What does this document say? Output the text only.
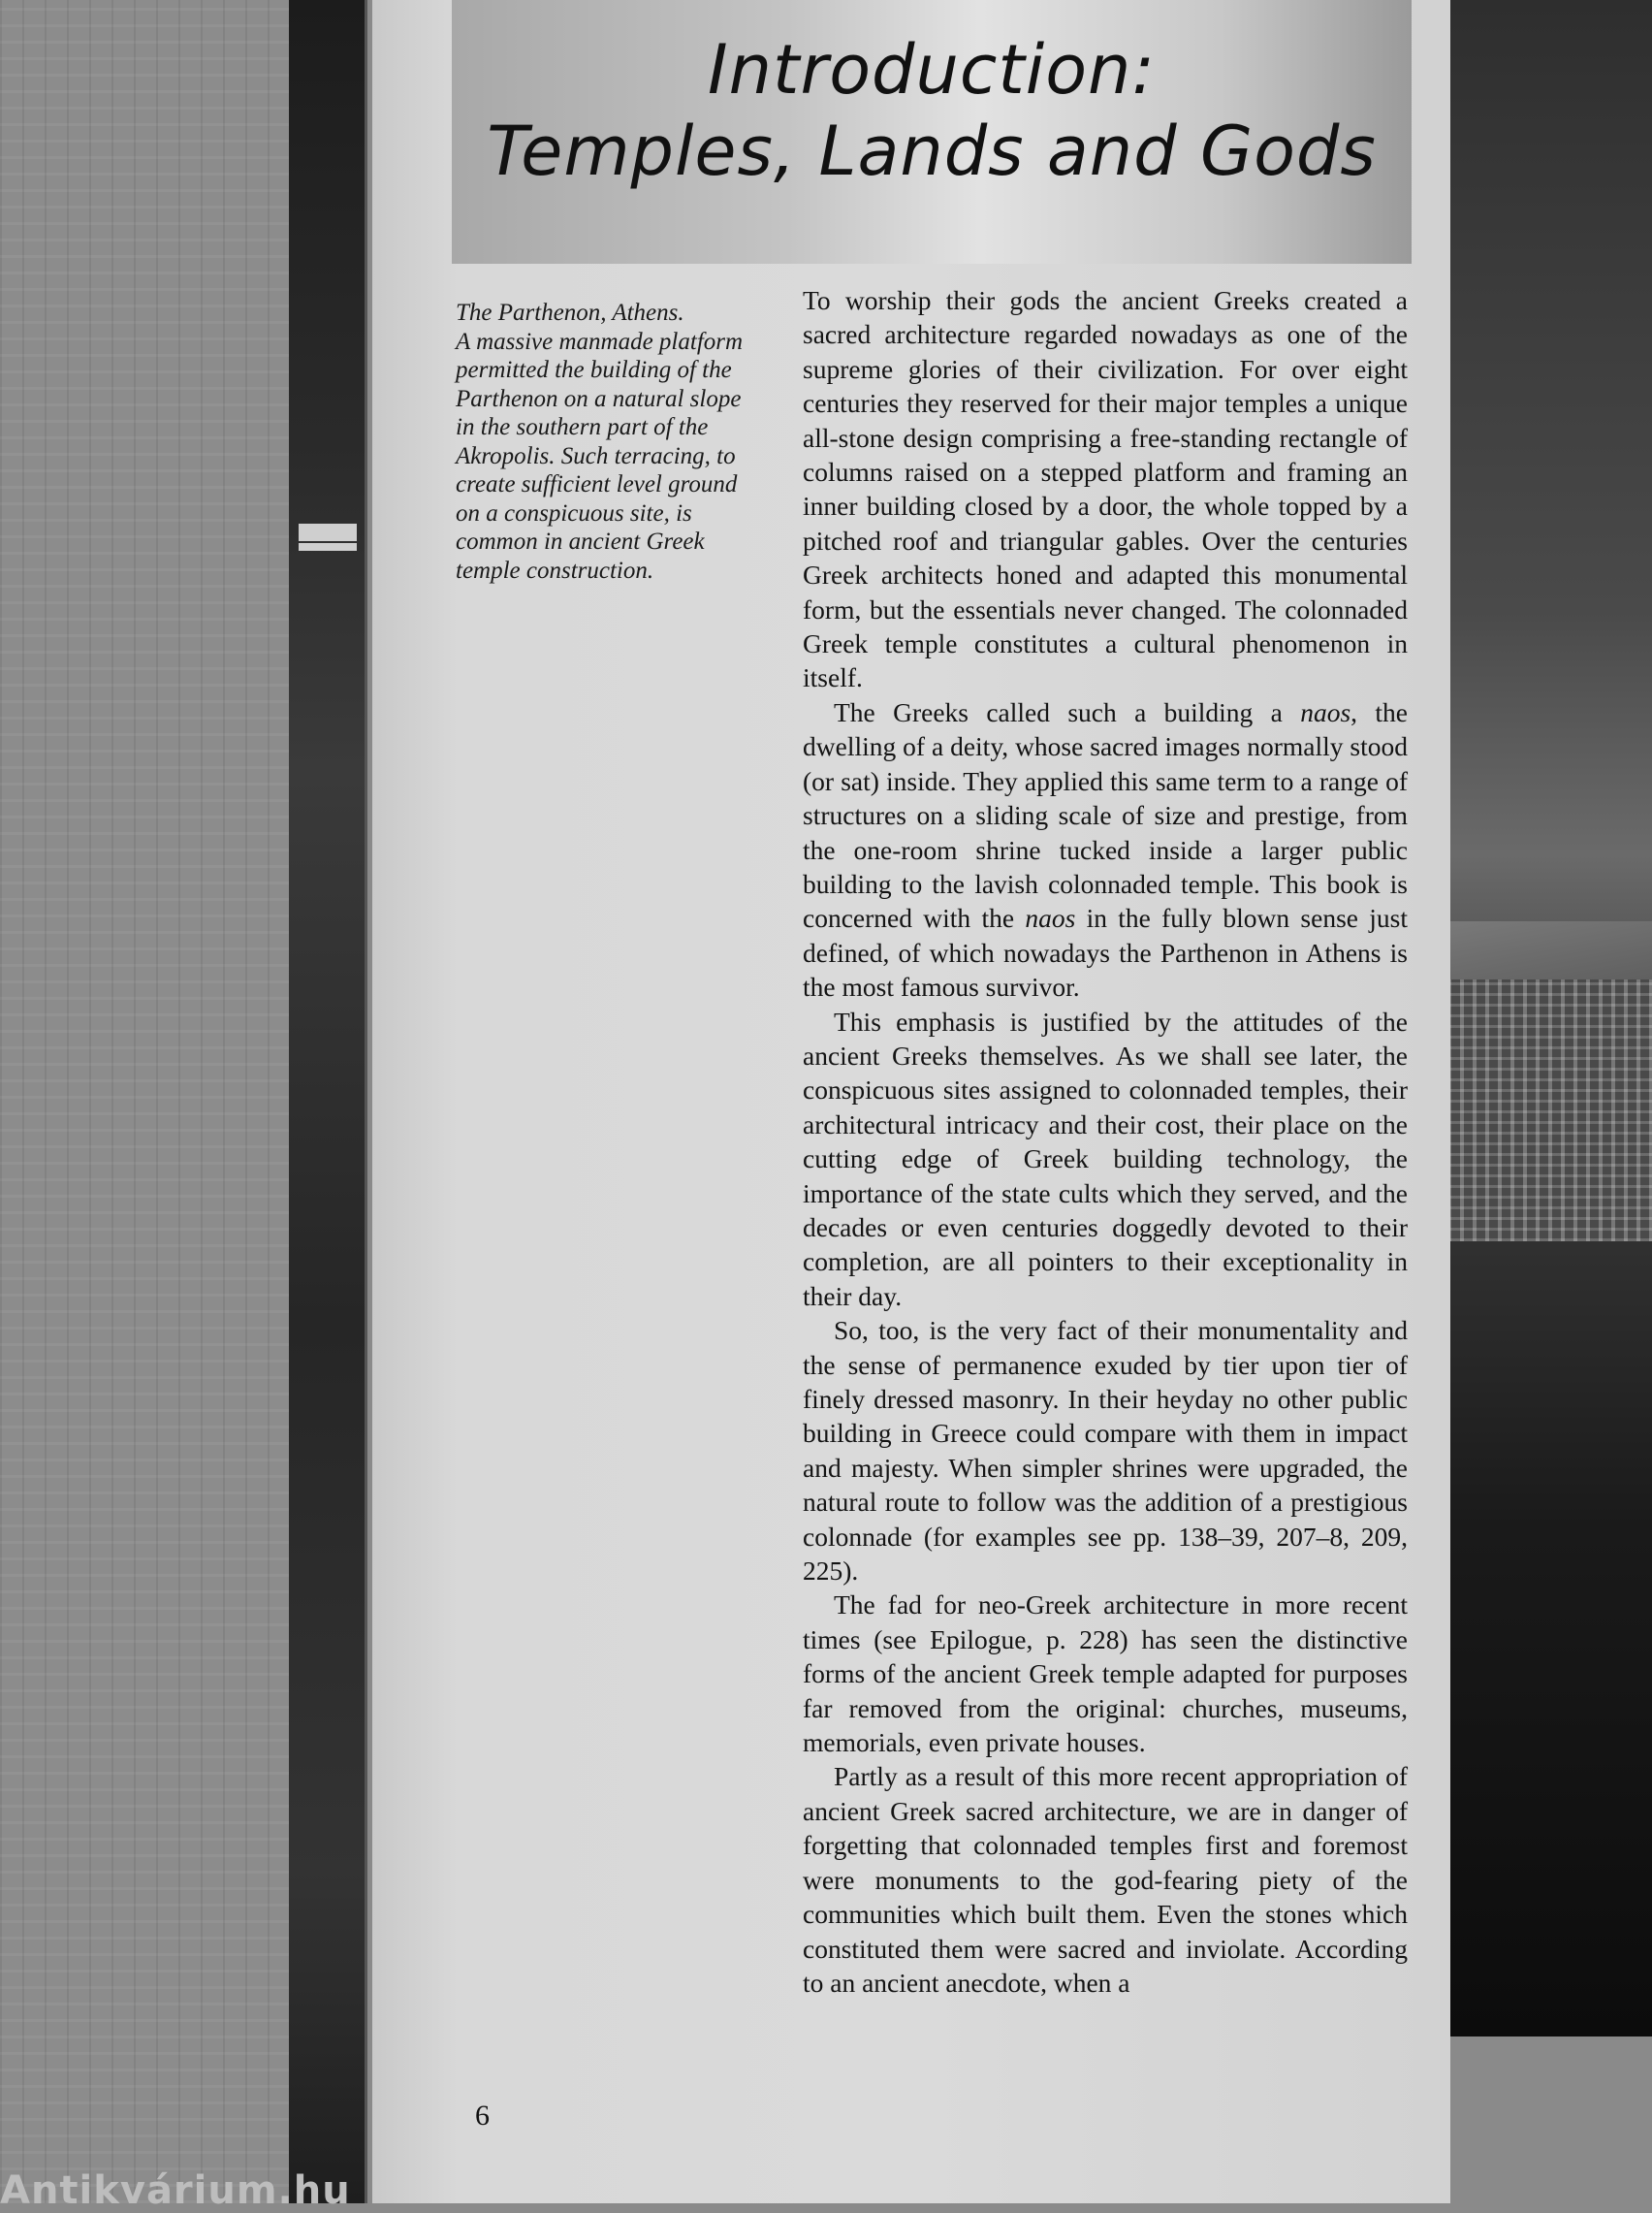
Introduction:
Temples, Lands and Gods

The Parthenon, Athens.

A massive manmade platform

permitted the building of the

Parthenon on a natural slope

in the southern part of the

Akropolis. Such terracing, to

create sufficient level ground

on a conspicuous site, is

common in ancient Greek

temple construction.

To worship their gods the ancient Greeks created a sacred architecture regarded nowadays as one of the supreme glories of their civilization. For over eight centuries they reserved for their major temples a unique all-stone design comprising a free-standing rectangle of columns raised on a stepped platform and framing an inner building closed by a door, the whole topped by a pitched roof and triangular gables. Over the centuries Greek architects honed and adapted this monumental form, but the essentials never changed. The colonnaded Greek temple constitutes a cultural phenomenon in itself.

The Greeks called such a building a naos, the dwelling of a deity, whose sacred images normally stood (or sat) inside. They applied this same term to a range of structures on a sliding scale of size and prestige, from the one-room shrine tucked inside a larger public building to the lavish colonnaded temple. This book is concerned with the naos in the fully blown sense just defined, of which nowadays the Parthenon in Athens is the most famous survivor.

This emphasis is justified by the attitudes of the ancient Greeks themselves. As we shall see later, the conspicuous sites assigned to colonnaded temples, their architectural intricacy and their cost, their place on the cutting edge of Greek building technology, the importance of the state cults which they served, and the decades or even centuries doggedly devoted to their completion, are all pointers to their exceptionality in their day.

So, too, is the very fact of their monumentality and the sense of permanence exuded by tier upon tier of finely dressed masonry. In their heyday no other public building in Greece could compare with them in impact and majesty. When simpler shrines were upgraded, the natural route to follow was the addition of a prestigious colonnade (for examples see pp. 138–39, 207–8, 209, 225).

The fad for neo-Greek architecture in more recent times (see Epilogue, p. 228) has seen the distinctive forms of the ancient Greek temple adapted for purposes far removed from the original: churches, museums, memorials, even private houses.

Partly as a result of this more recent appropriation of ancient Greek sacred architecture, we are in danger of forgetting that colonnaded temples first and foremost were monuments to the god-fearing piety of the communities which built them. Even the stones which constituted them were sacred and inviolate. According to an ancient anecdote, when a

6
Antikvárium.hu
